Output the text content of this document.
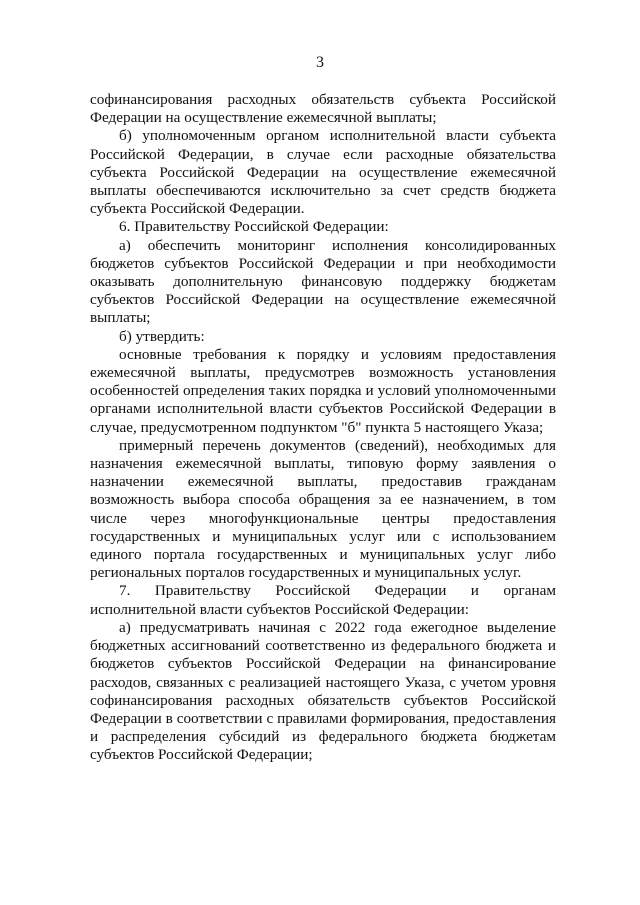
3

софинансирования расходных обязательств субъекта Российской Федерации на осуществление ежемесячной выплаты;

б) уполномоченным органом исполнительной власти субъекта Российской Федерации, в случае если расходные обязательства субъекта Российской Федерации на осуществление ежемесячной выплаты обеспечиваются исключительно за счет средств бюджета субъекта Российской Федерации.

6. Правительству Российской Федерации:

а) обеспечить мониторинг исполнения консолидированных бюджетов субъектов Российской Федерации и при необходимости оказывать дополнительную финансовую поддержку бюджетам субъектов Российской Федерации на осуществление ежемесячной выплаты;

б) утвердить:

основные требования к порядку и условиям предоставления ежемесячной выплаты, предусмотрев возможность установления особенностей определения таких порядка и условий уполномоченными органами исполнительной власти субъектов Российской Федерации в случае, предусмотренном подпунктом "б" пункта 5 настоящего Указа;

примерный перечень документов (сведений), необходимых для назначения ежемесячной выплаты, типовую форму заявления о назначении ежемесячной выплаты, предоставив гражданам возможность выбора способа обращения за ее назначением, в том числе через многофункциональные центры предоставления государственных и муниципальных услуг или с использованием единого портала государственных и муниципальных услуг либо региональных порталов государственных и муниципальных услуг.

7. Правительству Российской Федерации и органам исполнительной власти субъектов Российской Федерации:

а) предусматривать начиная с 2022 года ежегодное выделение бюджетных ассигнований соответственно из федерального бюджета и бюджетов субъектов Российской Федерации на финансирование расходов, связанных с реализацией настоящего Указа, с учетом уровня софинансирования расходных обязательств субъектов Российской Федерации в соответствии с правилами формирования, предоставления и распределения субсидий из федерального бюджета бюджетам субъектов Российской Федерации;
